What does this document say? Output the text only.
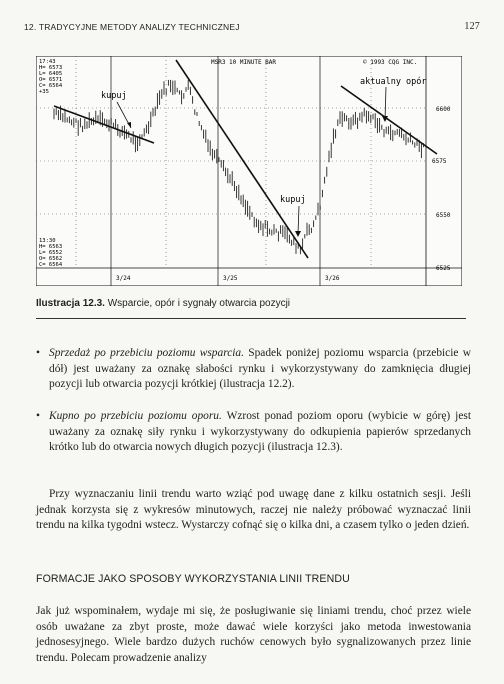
12. TRADYCYJNE METODY ANALIZY TECHNICZNEJ	127
MSR3 10 MINUTE BAR	© 1993 CQG INC.
17:43
H= 6573
L= 6405
O= 6571
C= 6564
+35
13:30
H= 6563
L= 6552
O= 6562
C= 6564
6600
6575
6550
6525
3/24	3/25	3/26
kupuj
aktualny opór
kupuj
Ilustracja 12.3. Wsparcie, opór i sygnały otwarcia pozycji
• Sprzedaż po przebiciu poziomu wsparcia. Spadek poniżej poziomu wsparcia (przebicie w dół) jest uważany za oznakę słabości rynku i wykorzystywany do zamknięcia długiej pozycji lub otwarcia pozycji krótkiej (ilustracja 12.2).
• Kupno po przebiciu poziomu oporu. Wzrost ponad poziom oporu (wybicie w górę) jest uważany za oznakę siły rynku i wykorzystywany do odkupienia papierów sprzedanych krótko lub do otwarcia nowych długich pozycji (ilustracja 12.3).
Przy wyznaczaniu linii trendu warto wziąć pod uwagę dane z kilku ostatnich sesji. Jeśli jednak korzysta się z wykresów minutowych, raczej nie należy próbować wyznaczać linii trendu na kilka tygodni wstecz. Wystarczy cofnąć się o kilka dni, a czasem tylko o jeden dzień.
FORMACJE JAKO SPOSOBY WYKORZYSTANIA LINII TRENDU
Jak już wspominałem, wydaje mi się, że posługiwanie się liniami trendu, choć przez wiele osób uważane za zbyt proste, może dawać wiele korzyści jako metoda inwestowania jednosesyjnego. Wiele bardzo dużych ruchów cenowych było sygnalizowanych przez linie trendu. Polecam prowadzenie analizy
